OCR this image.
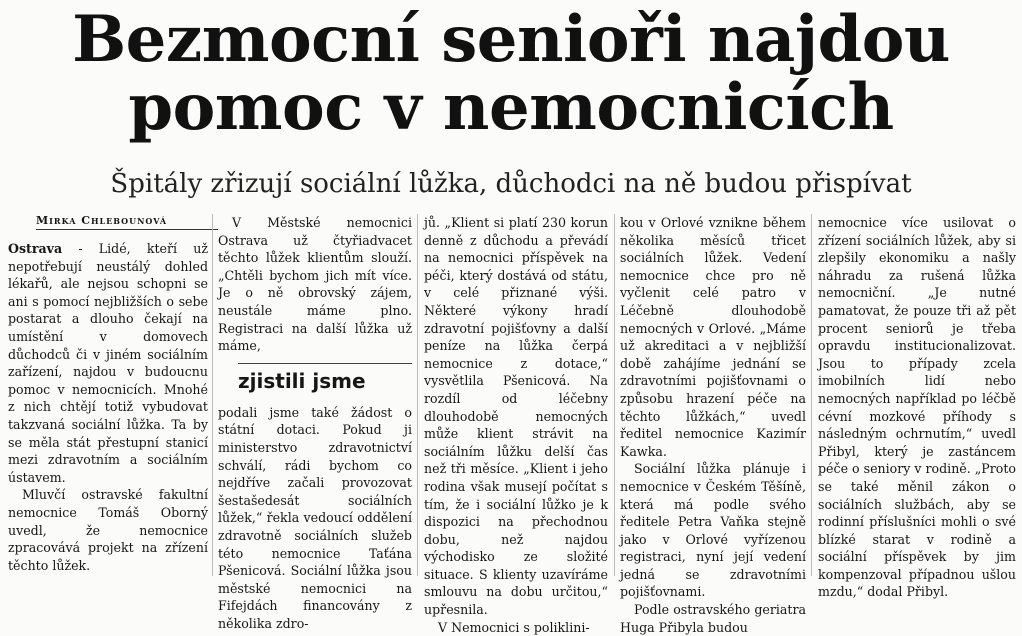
Bezmocní senioři najdou
pomoc v nemocnicích
Špitály zřizují sociální lůžka, důchodci na ně budou přispívat
Mirka Chlebounová

Ostrava - Lidé, kteří už nepotřebují neustálý dohled lékařů, ale nejsou schopni se ani s pomocí nejbližších o sebe postarat a dlouho čekají na umístění v domovech důchodců či v jiném sociálním zařízení, najdou v budoucnu pomoc v nemocnicích. Mnohé z nich chtějí totiž vybudovat takzvaná sociální lůžka. Ta by se měla stát přestupní stanicí mezi zdravotním a sociálním ústavem.

Mluvčí ostravské fakultní nemocnice Tomáš Oborný uvedl, že nemocnice zpracovává projekt na zřízení těchto lůžek.

V Městské nemocnici Ostrava už čtyřiadvacet těchto lůžek klientům slouží. „Chtěli bychom jich mít více. Je o ně obrovský zájem, neustále máme plno. Registraci na další lůžka už máme,

zjistili jsme

podali jsme také žádost o státní dotaci. Pokud ji ministerstvo zdravotnictví schválí, rádi bychom co nejdříve začali provozovat šestašedesát sociálních lůžek,“ řekla vedoucí oddělení zdravotně sociálních služeb této nemocnice Taťána Pšenicová. Sociální lůžka jsou městské nemocnici na Fifejdách financovány z několika zdro-

jů. „Klient si platí 230 korun denně z důchodu a převádí na nemocnici příspěvek na péči, který dostává od státu, v celé přiznané výši. Některé výkony hradí zdravotní pojišťovny a další peníze na lůžka čerpá nemocnice z dotace,“ vysvětlila Pšenicová. Na rozdíl od léčebny dlouhodobě nemocných může klient strávit na sociálním lůžku delší čas než tři měsíce. „Klient i jeho rodina však musejí počítat s tím, že i sociální lůžko je k dispozici na přechodnou dobu, než najdou východisko ze složité situace. S klienty uzavíráme smlouvu na dobu určitou,“ upřesnila.

V Nemocnici s poliklini-

kou v Orlové vznikne během několika měsíců třicet sociálních lůžek. Vedení nemocnice chce pro ně vyčlenit celé patro v Léčebně dlouhodobě nemocných v Orlové. „Máme už akreditaci a v nejbližší době zahájíme jednání se zdravotními pojišťovnami o způsobu hrazení péče na těchto lůžkách,“ uvedl ředitel nemocnice Kazimír Kawka.

Sociální lůžka plánuje i nemocnice v Českém Těšíně, která má podle svého ředitele Petra Vaňka stejně jako v Orlové vyřízenou registraci, nyní její vedení jedná se zdravotními pojišťovnami.

Podle ostravského geriatra Huga Přibyla budou

nemocnice více usilovat o zřízení sociálních lůžek, aby si zlepšily ekonomiku a našly náhradu za rušená lůžka nemocniční. „Je nutné pamatovat, že pouze tři až pět procent seniorů je třeba opravdu institucionalizovat. Jsou to případy zcela imobilních lidí nebo nemocných například po léčbě cévní mozkové příhody s následným ochrnutím,“ uvedl Přibyl, který je zastáncem péče o seniory v rodině. „Proto se také měnil zákon o sociálních službách, aby se rodinní příslušníci mohli o své blízké starat v rodině a sociální příspěvek by jim kompenzoval případnou ušlou mzdu,“ dodal Přibyl.
